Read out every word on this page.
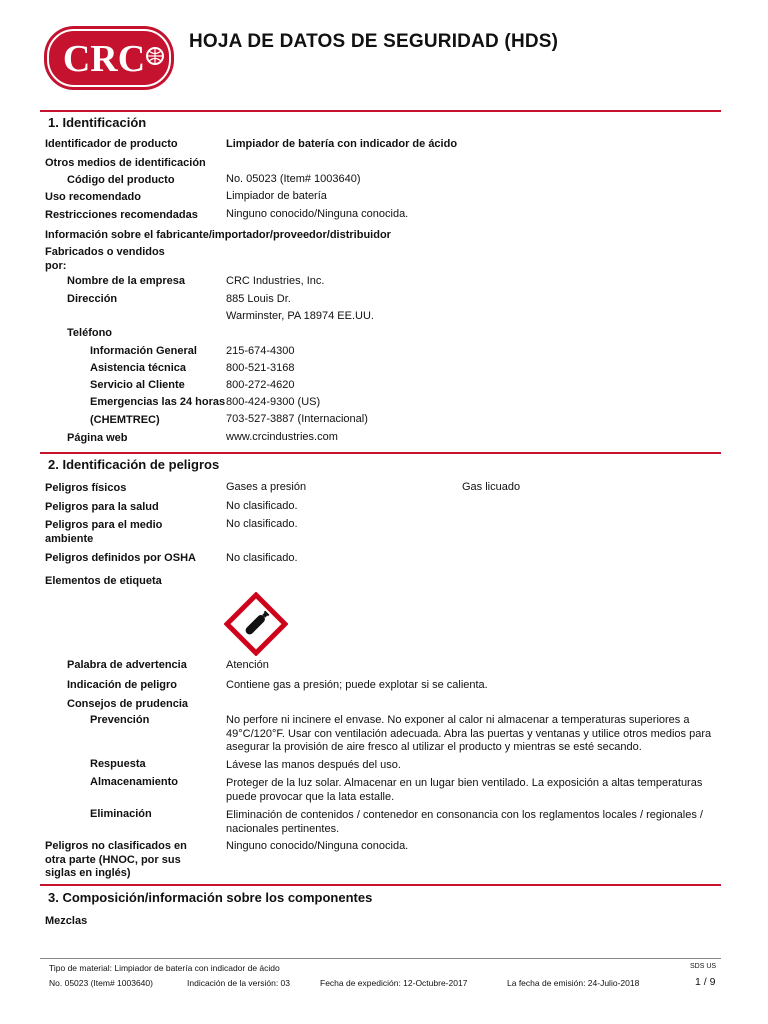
CRC HOJA DE DATOS DE SEGURIDAD (HDS)
1. Identificación
Identificador de producto	Limpiador de batería con indicador de ácido
Otros medios de identificación
Código del producto	No. 05023 (Item# 1003640)
Uso recomendado	Limpiador de batería
Restricciones recomendadas	Ninguno conocido/Ninguna conocida.
Información sobre el fabricante/importador/proveedor/distribuidor
Fabricados o vendidos por:
Nombre de la empresa	CRC Industries, Inc.
Dirección	885 Louis Dr.
Warminster, PA 18974 EE.UU.
Teléfono
Información General	215-674-4300
Asistencia técnica	800-521-3168
Servicio al Cliente	800-272-4620
Emergencias las 24 horas 800-424-9300 (US)
(CHEMTREC)	703-527-3887 (Internacional)
Página web	www.crcindustries.com
2. Identificación de peligros
Peligros físicos	Gases a presión	Gas licuado
Peligros para la salud	No clasificado.
Peligros para el medio ambiente
No clasificado.
Peligros definidos por OSHA	No clasificado.
Elementos de etiqueta
Palabra de advertencia	Atención
Indicación de peligro	Contiene gas a presión; puede explotar si se calienta.
Consejos de prudencia
Prevención	No perfore ni incinere el envase. No exponer al calor ni almacenar a temperaturas superiores a 49°C/120°F. Usar con ventilación adecuada. Abra las puertas y ventanas y utilice otros medios para asegurar la provisión de aire fresco al utilizar el producto y mientras se esté secando.
Respuesta	Lávese las manos después del uso.
Almacenamiento	Proteger de la luz solar. Almacenar en un lugar bien ventilado. La exposición a altas temperaturas puede provocar que la lata estalle.
Eliminación	Eliminación de contenidos / contenedor en consonancia con los reglamentos locales / regionales / nacionales pertinentes.
Peligros no clasificados en otra parte (HNOC, por sus siglas en inglés)
Ninguno conocido/Ninguna conocida.
3. Composición/información sobre los componentes
Mezclas
Tipo de material: Limpiador de batería con indicador de ácido	SDS US
No. 05023 (Item# 1003640)	Indicación de la versión: 03	Fecha de expedición: 12-Octubre-2017	La fecha de emisión: 24-Julio-2018	1 / 9
